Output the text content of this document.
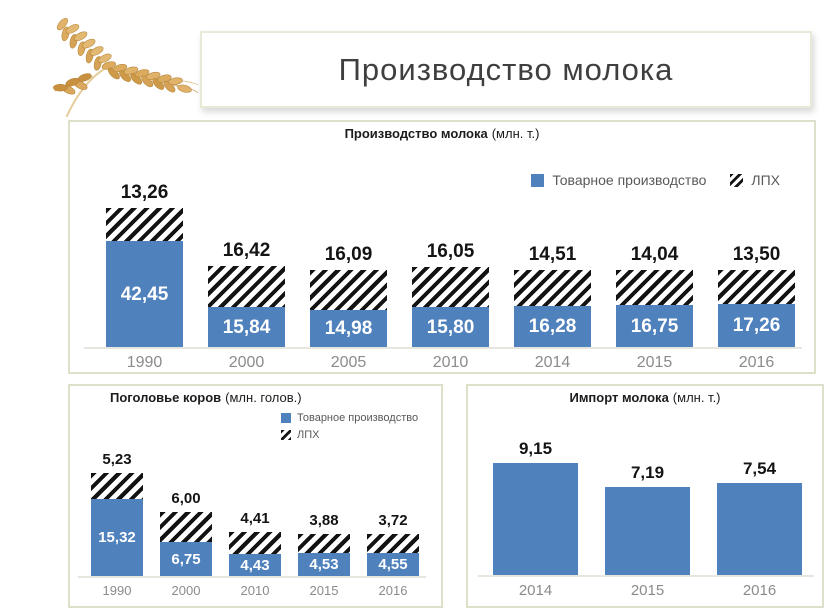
Производство молока
Производство молока (млн. т.)
Товарное производство	ЛПХ
42,45
13,26
1990
15,84
16,42
2000
14,98
16,09
2005
15,80
16,05
2010
16,28
14,51
2014
16,75
14,04
2015
17,26
13,50
2016
Поголовье коров (млн. голов.)
Товарное производство
ЛПХ
15,32
5,23
1990
6,75
6,00
2000
4,43
4,41
2010
4,53
3,88
2015
4,55
3,72
2016
Импорт молока (млн. т.)
9,15
2014
7,19
2015
7,54
2016
